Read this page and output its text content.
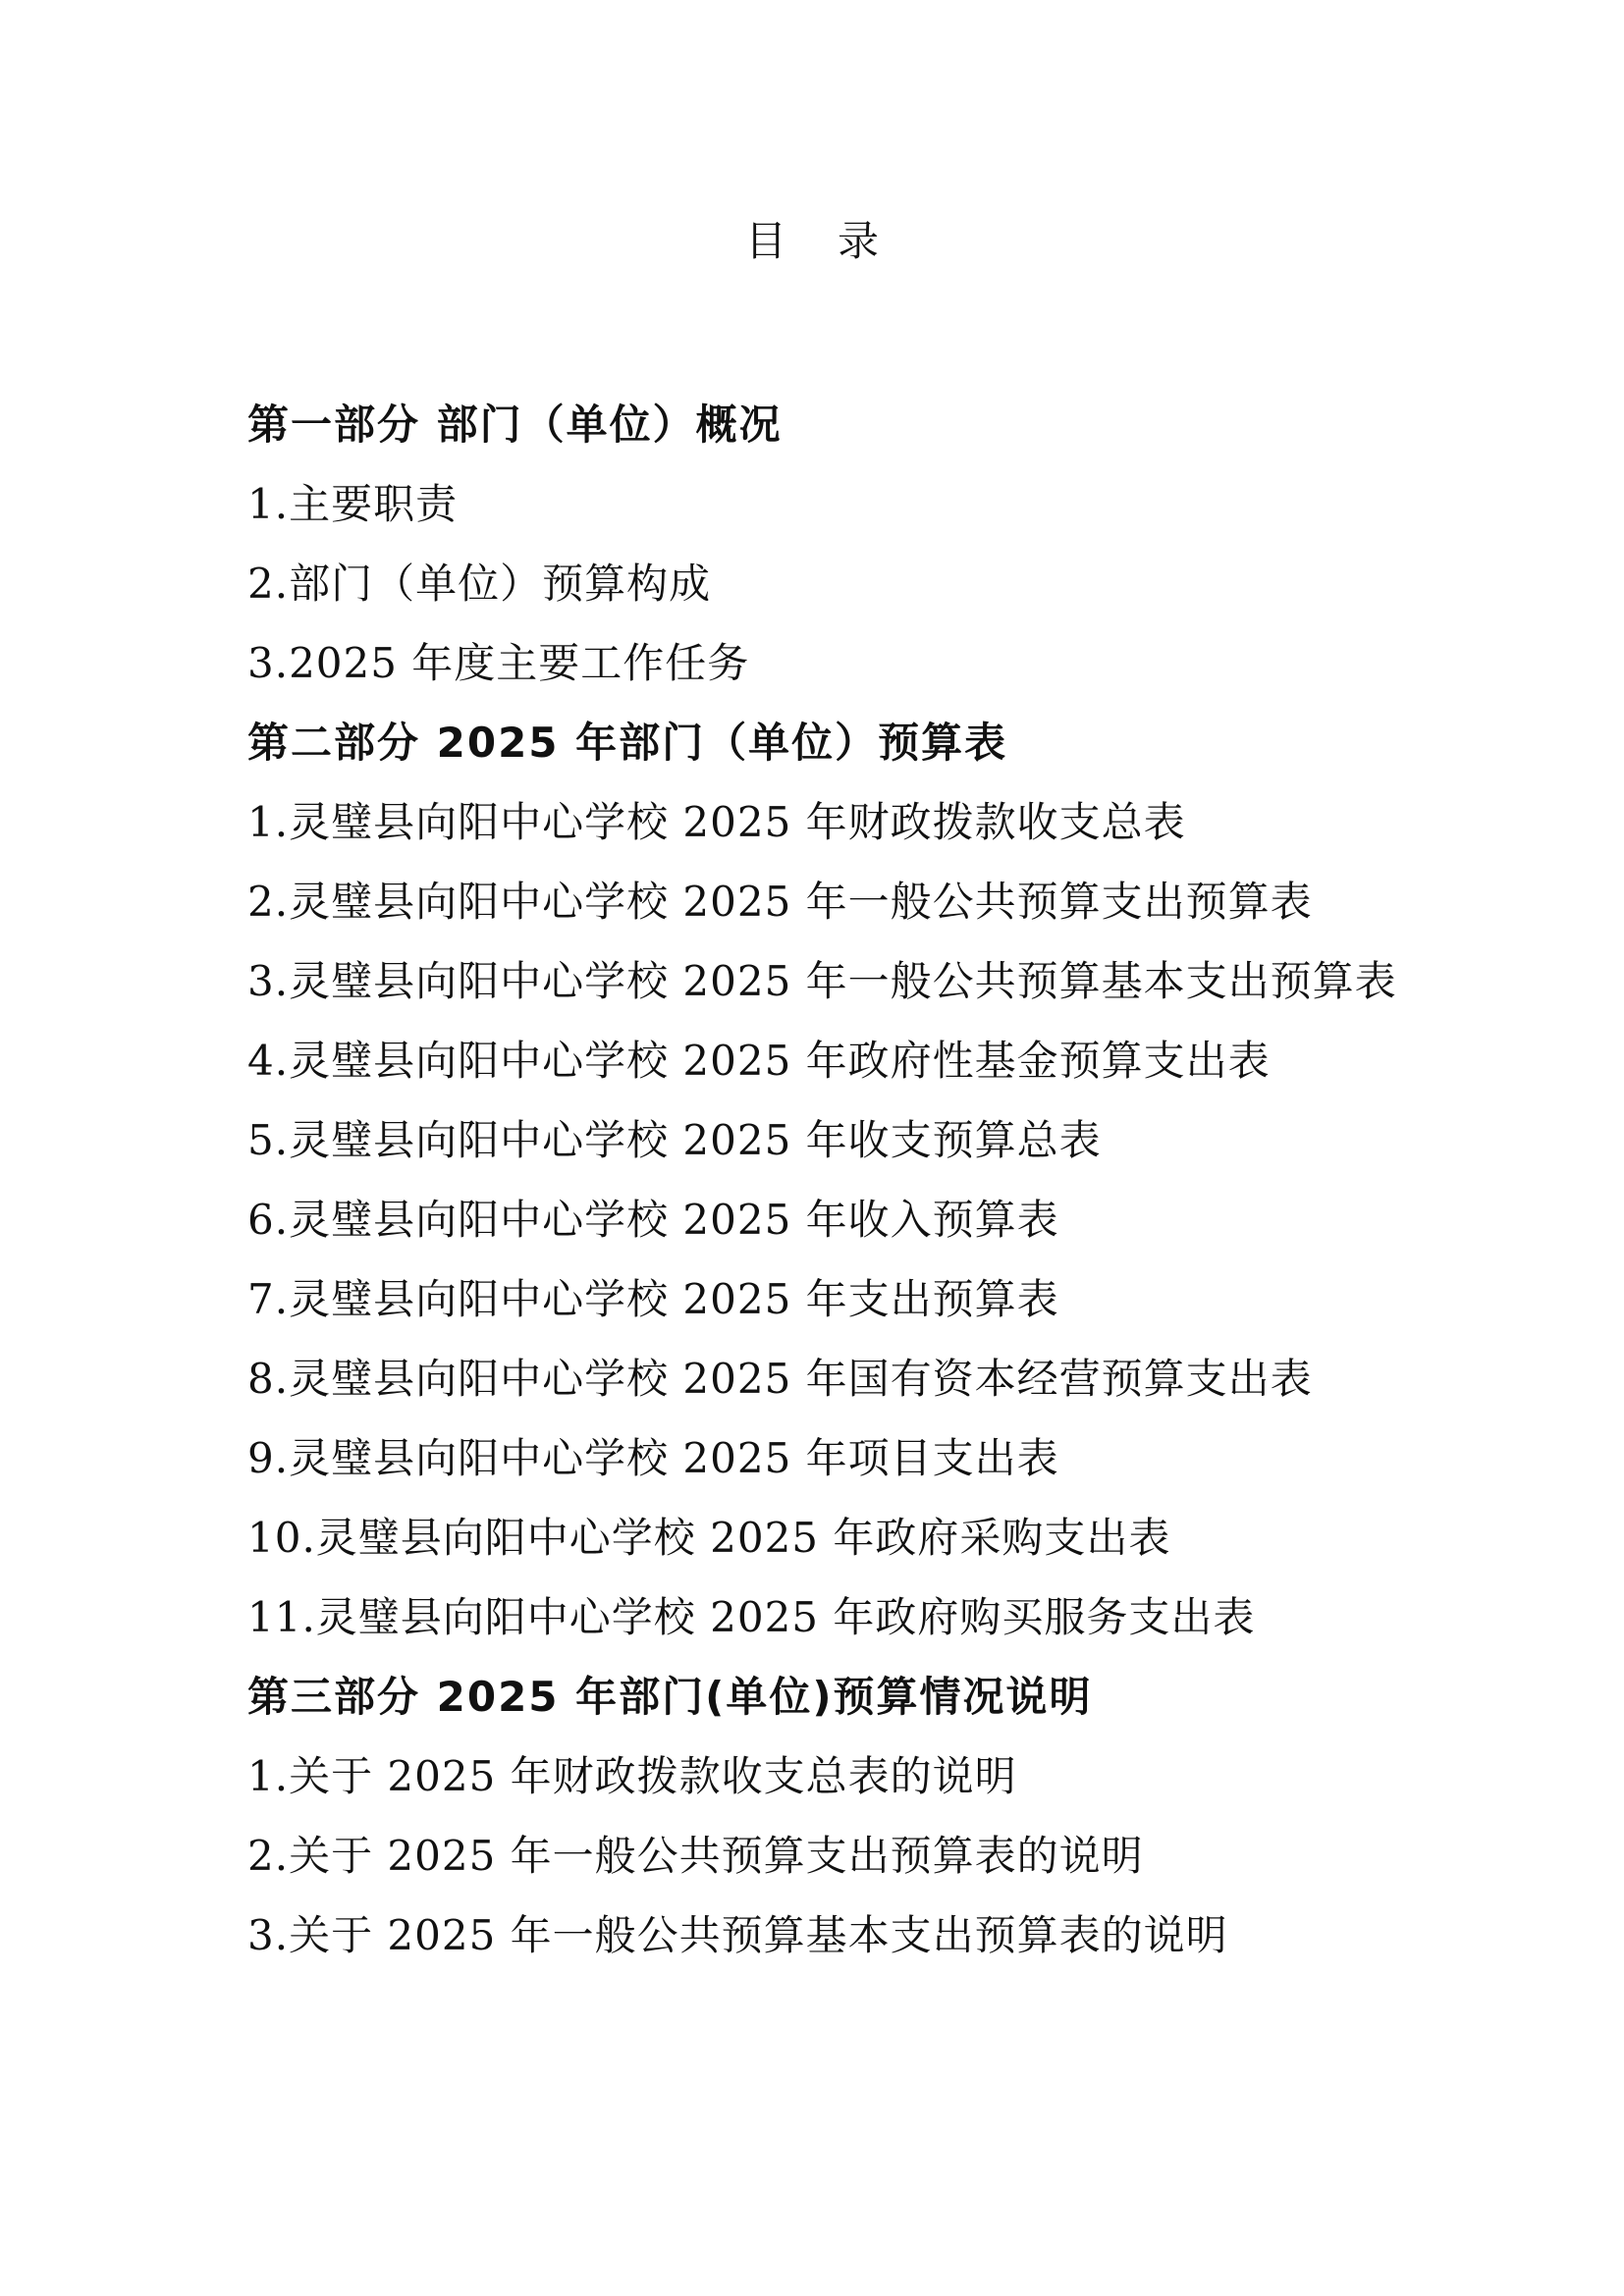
目录
第一部分 部门（单位）概况
1.主要职责
2.部门（单位）预算构成
3.2025 年度主要工作任务
第二部分 2025 年部门（单位）预算表
1.灵璧县向阳中心学校 2025 年财政拨款收支总表
2.灵璧县向阳中心学校 2025 年一般公共预算支出预算表
3.灵璧县向阳中心学校 2025 年一般公共预算基本支出预算表
4.灵璧县向阳中心学校 2025 年政府性基金预算支出表
5.灵璧县向阳中心学校 2025 年收支预算总表
6.灵璧县向阳中心学校 2025 年收入预算表
7.灵璧县向阳中心学校 2025 年支出预算表
8.灵璧县向阳中心学校 2025 年国有资本经营预算支出表
9.灵璧县向阳中心学校 2025 年项目支出表
10.灵璧县向阳中心学校 2025 年政府采购支出表
11.灵璧县向阳中心学校 2025 年政府购买服务支出表
第三部分 2025 年部门(单位)预算情况说明
1.关于 2025 年财政拨款收支总表的说明
2.关于 2025 年一般公共预算支出预算表的说明
3.关于 2025 年一般公共预算基本支出预算表的说明
